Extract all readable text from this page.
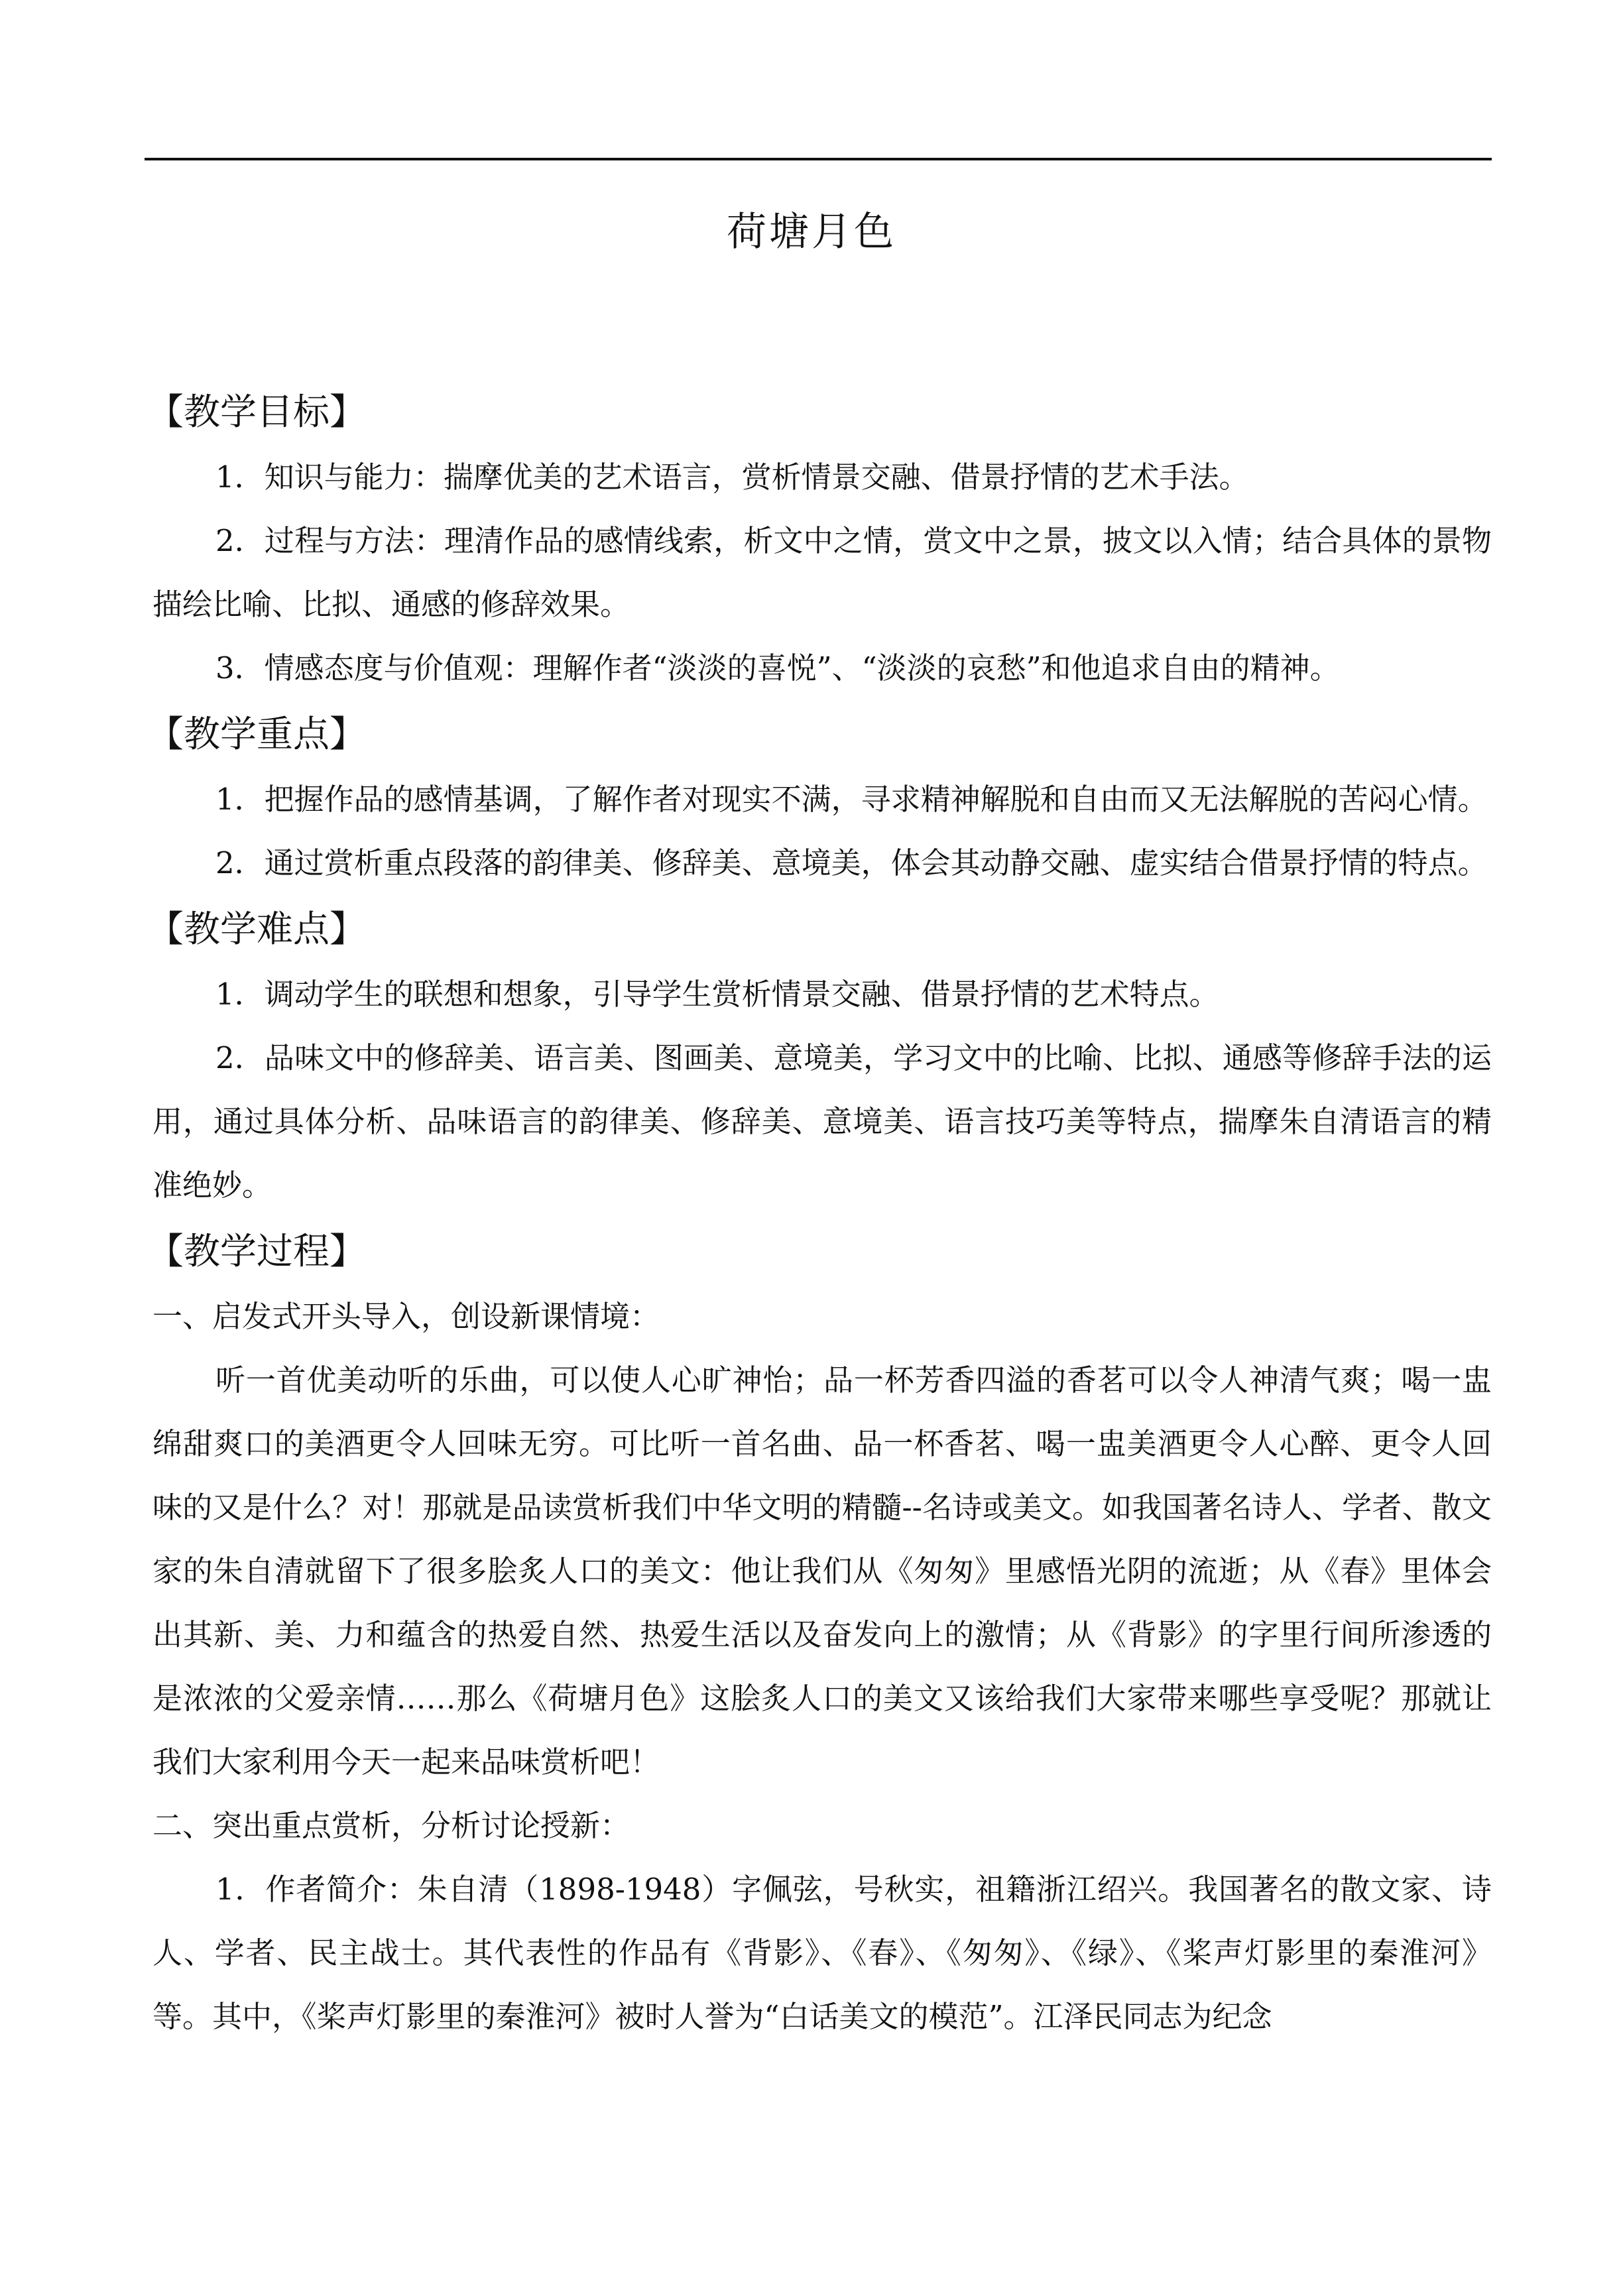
荷塘月色
【教学目标】

1．知识与能力：揣摩优美的艺术语言，赏析情景交融、借景抒情的艺术手法。

2．过程与方法：理清作品的感情线索，析文中之情，赏文中之景，披文以入情；结合具体的景物描绘比喻、比拟、通感的修辞效果。

3．情感态度与价值观：理解作者“淡淡的喜悦”、“淡淡的哀愁”和他追求自由的精神。

【教学重点】

1．把握作品的感情基调，了解作者对现实不满，寻求精神解脱和自由而又无法解脱的苦闷心情。

2．通过赏析重点段落的韵律美、修辞美、意境美，体会其动静交融、虚实结合借景抒情的特点。

【教学难点】

1．调动学生的联想和想象，引导学生赏析情景交融、借景抒情的艺术特点。

2．品味文中的修辞美、语言美、图画美、意境美，学习文中的比喻、比拟、通感等修辞手法的运用，通过具体分析、品味语言的韵律美、修辞美、意境美、语言技巧美等特点，揣摩朱自清语言的精准绝妙。

【教学过程】

一、启发式开头导入，创设新课情境：

听一首优美动听的乐曲，可以使人心旷神怡；品一杯芳香四溢的香茗可以令人神清气爽；喝一盅绵甜爽口的美酒更令人回味无穷。可比听一首名曲、品一杯香茗、喝一盅美酒更令人心醉、更令人回味的又是什么？对！那就是品读赏析我们中华文明的精髓--名诗或美文。如我国著名诗人、学者、散文家的朱自清就留下了很多脍炙人口的美文：他让我们从《匆匆》里感悟光阴的流逝；从《春》里体会出其新、美、力和蕴含的热爱自然、热爱生活以及奋发向上的激情；从《背影》的字里行间所渗透的是浓浓的父爱亲情……那么《荷塘月色》这脍炙人口的美文又该给我们大家带来哪些享受呢？那就让我们大家利用今天一起来品味赏析吧！

二、突出重点赏析，分析讨论授新：

1．作者简介：朱自清（1898-1948）字佩弦，号秋实，祖籍浙江绍兴。我国著名的散文家、诗人、学者、民主战士。其代表性的作品有《背影》、《春》、《匆匆》、《绿》、《桨声灯影里的秦淮河》等。其中，《桨声灯影里的秦淮河》被时人誉为“白话美文的模范”。江泽民同志为纪念
